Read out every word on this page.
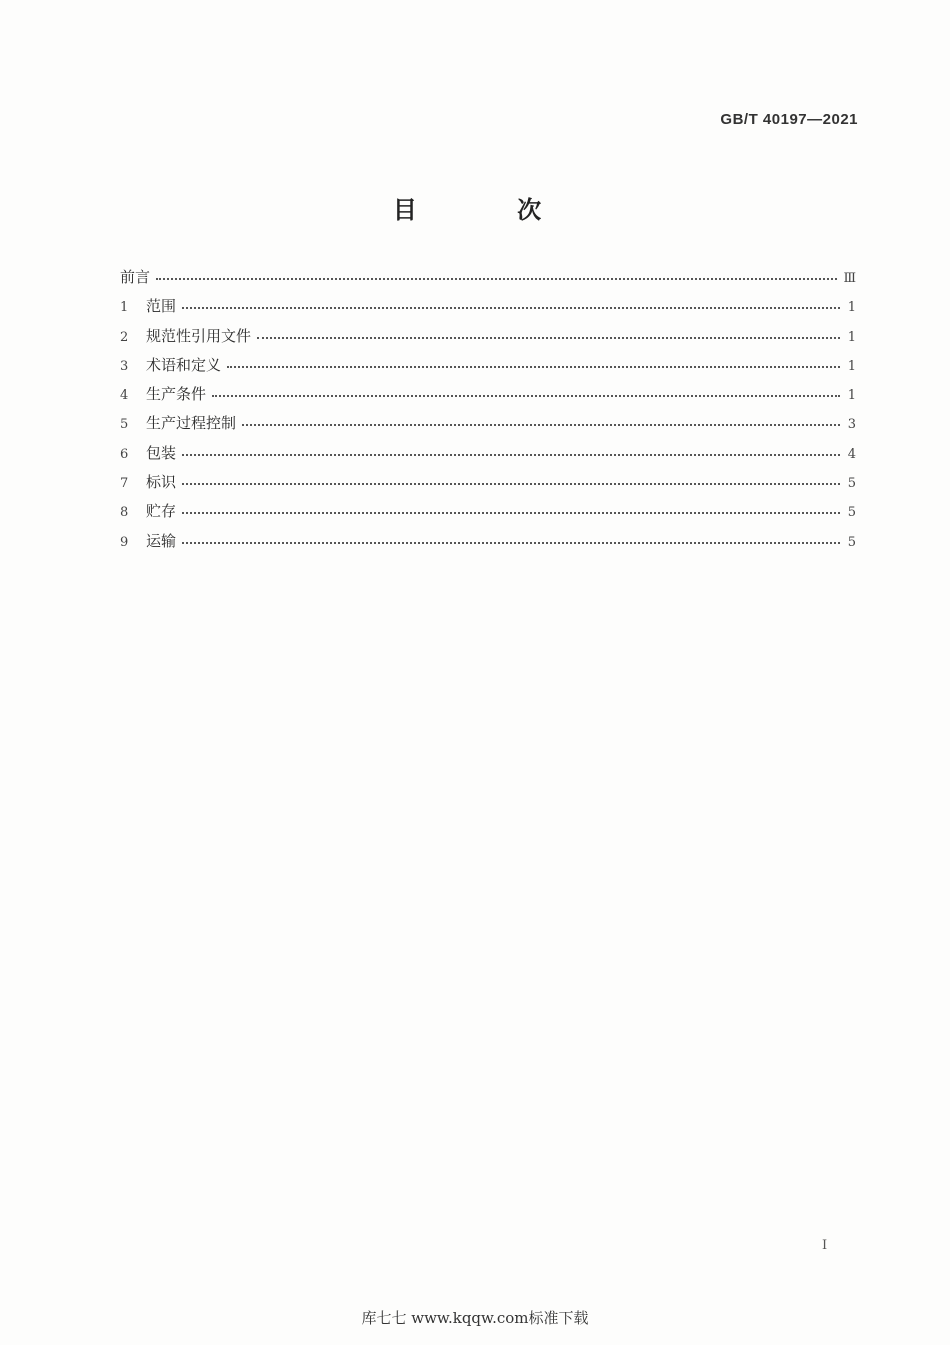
GB/T 40197—2021
目 次
前言	Ⅲ
1	范围	1
2	规范性引用文件	1
3	术语和定义	1
4	生产条件	1
5	生产过程控制	3
6	包装	4
7	标识	5
8	贮存	5
9	运输	5
I
库七七 www.kqqw.com标准下载
